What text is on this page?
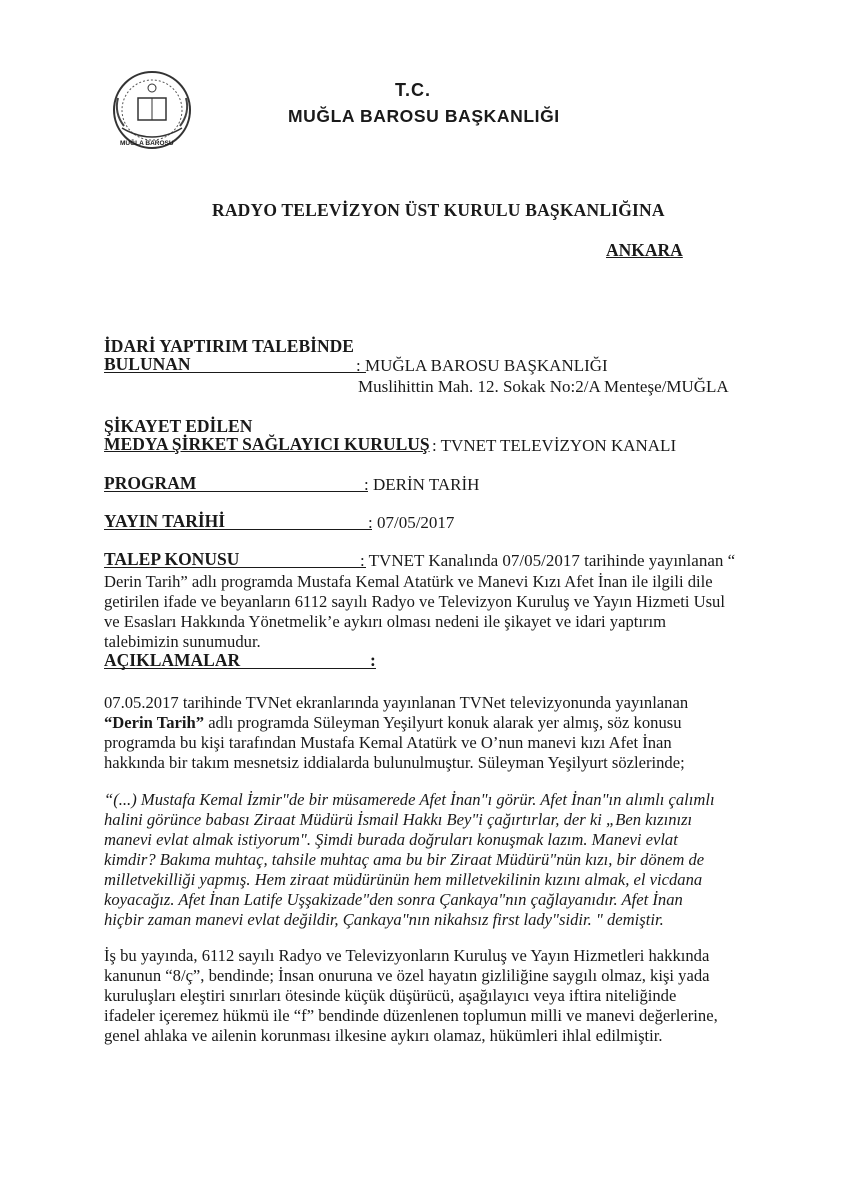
MUĞLA BAROSU
T.C.
MUĞLA BAROSU BAŞKANLIĞI
RADYO TELEVİZYON ÜST KURULU BAŞKANLIĞINA
ANKARA
İDARİ YAPTIRIM TALEBİNDE
BULUNAN	: MUĞLA BAROSU BAŞKANLIĞI
Muslihittin Mah. 12. Sokak No:2/A Menteşe/MUĞLA
ŞİKAYET EDİLEN
MEDYA ŞİRKET SAĞLAYICI KURULUŞ : TVNET TELEVİZYON KANALI
PROGRAM	: DERİN TARİH
YAYIN TARİHİ	: 07/05/2017
TALEP KONUSU	: TVNET Kanalında 07/05/2017 tarihinde yayınlanan “
Derin Tarih” adlı programda Mustafa Kemal Atatürk ve Manevi Kızı Afet İnan ile ilgili dile
getirilen ifade ve beyanların 6112 sayılı Radyo ve Televizyon Kuruluş ve Yayın Hizmeti Usul
ve Esasları Hakkında Yönetmelik’e aykırı olması nedeni ile şikayet ve idari yaptırım
talebimizin sunumudur.
AÇIKLAMALAR	:
07.05.2017 tarihinde TVNet ekranlarında yayınlanan TVNet televizyonunda yayınlanan
“Derin Tarih” adlı programda Süleyman Yeşilyurt konuk alarak yer almış, söz konusu
programda bu kişi tarafından Mustafa Kemal Atatürk ve O’nun manevi kızı Afet İnan
hakkında bir takım mesnetsiz iddialarda bulunulmuştur. Süleyman Yeşilyurt sözlerinde;
“(...) Mustafa Kemal İzmir"de bir müsamerede Afet İnan"ı görür. Afet İnan"ın alımlı çalımlı
halini görünce babası Ziraat Müdürü İsmail Hakkı Bey"i çağırtırlar, der ki „Ben kızınızı
manevi evlat almak istiyorum". Şimdi burada doğruları konuşmak lazım. Manevi evlat
kimdir? Bakıma muhtaç, tahsile muhtaç ama bu bir Ziraat Müdürü"nün kızı, bir dönem de
milletvekilliği yapmış. Hem ziraat müdürünün hem milletvekilinin kızını almak, el vicdana
koyacağız. Afet İnan Latife Uşşakizade"den sonra Çankaya"nın çağlayanıdır. Afet İnan
hiçbir zaman manevi evlat değildir, Çankaya"nın nikahsız first lady"sidir. " demiştir.
İş bu yayında, 6112 sayılı Radyo ve Televizyonların Kuruluş ve Yayın Hizmetleri hakkında
kanunun “8/ç”, bendinde; İnsan onuruna ve özel hayatın gizliliğine saygılı olmaz, kişi yada
kuruluşları eleştiri sınırları ötesinde küçük düşürücü, aşağılayıcı veya iftira niteliğinde
ifadeler içeremez hükmü ile “f” bendinde düzenlenen toplumun milli ve manevi değerlerine,
genel ahlaka ve ailenin korunması ilkesine aykırı olamaz, hükümleri ihlal edilmiştir.
